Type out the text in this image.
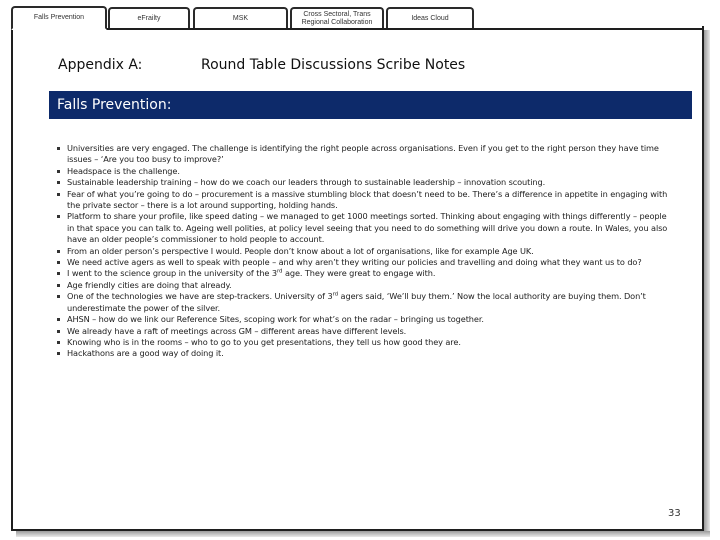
Falls Prevention	eFrailty	MSK
Cross Sectoral, Trans Regional Collaboration
Ideas Cloud
Appendix A:	Round Table Discussions Scribe Notes
Falls Prevention:
Universities are very engaged. The challenge is identifying the right people across organisations. Even if you get to the right person they have time issues – ‘Are you too busy to improve?’
Headspace is the challenge.
Sustainable leadership training – how do we coach our leaders through to sustainable leadership – innovation scouting.
Fear of what you’re going to do – procurement is a massive stumbling block that doesn’t need to be. There’s a difference in appetite in engaging with the private sector – there is a lot around supporting, holding hands.
Platform to share your profile, like speed dating – we managed to get 1000 meetings sorted. Thinking about engaging with things differently – people in that space you can talk to. Ageing well polities, at policy level seeing that you need to do something will drive you down a route. In Wales, you also have an older people’s commissioner to hold people to account.
From an older person’s perspective I would. People don’t know about a lot of organisations, like for example Age UK.
We need active agers as well to speak with people – and why aren’t they writing our policies and travelling and doing what they want us to do?
I went to the science group in the university of the 3rd age. They were great to engage with.
Age friendly cities are doing that already.
One of the technologies we have are step-trackers. University of 3rd agers said, ‘We’ll buy them.’ Now the local authority are buying them. Don’t underestimate the power of the silver.
AHSN – how do we link our Reference Sites, scoping work for what’s on the radar – bringing us together.
We already have a raft of meetings across GM – different areas have different levels.
Knowing who is in the rooms – who to go to you get presentations, they tell us how good they are.
Hackathons are a good way of doing it.
33
